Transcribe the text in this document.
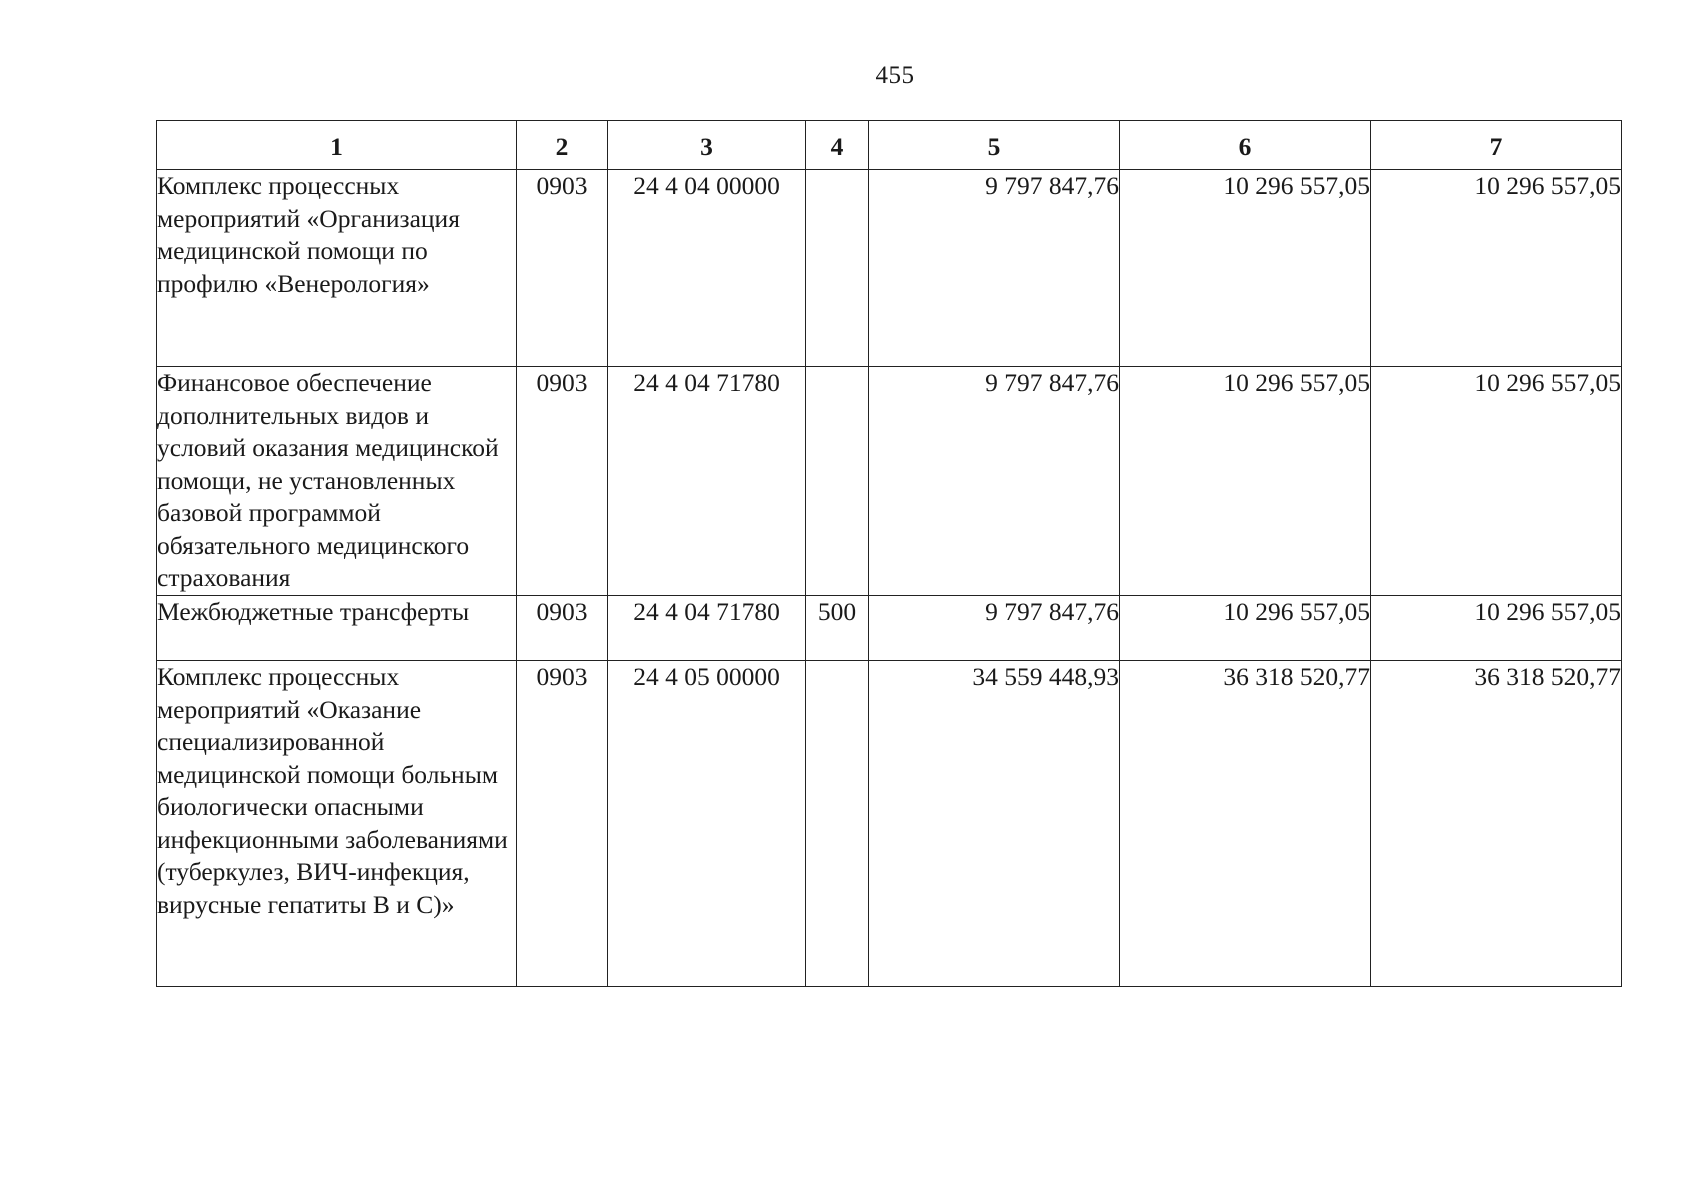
455
1	2	3	4	5	6	7
Комплекс процессных мероприятий «Организация медицинской помощи по профилю «Венерология»	0903	24 4 04 00000		9 797 847,76	10 296 557,05	10 296 557,05
Финансовое обеспечение дополнительных видов и условий оказания медицинской помощи, не установленных базовой программой обязательного медицинского страхования	0903	24 4 04 71780		9 797 847,76	10 296 557,05	10 296 557,05
Межбюджетные трансферты	0903	24 4 04 71780	500	9 797 847,76	10 296 557,05	10 296 557,05
Комплекс процессных мероприятий «Оказание специализированной медицинской помощи больным биологически опасными инфекционными заболеваниями (туберкулез, ВИЧ-инфекция, вирусные гепатиты В и С)»	0903	24 4 05 00000		34 559 448,93	36 318 520,77	36 318 520,77
